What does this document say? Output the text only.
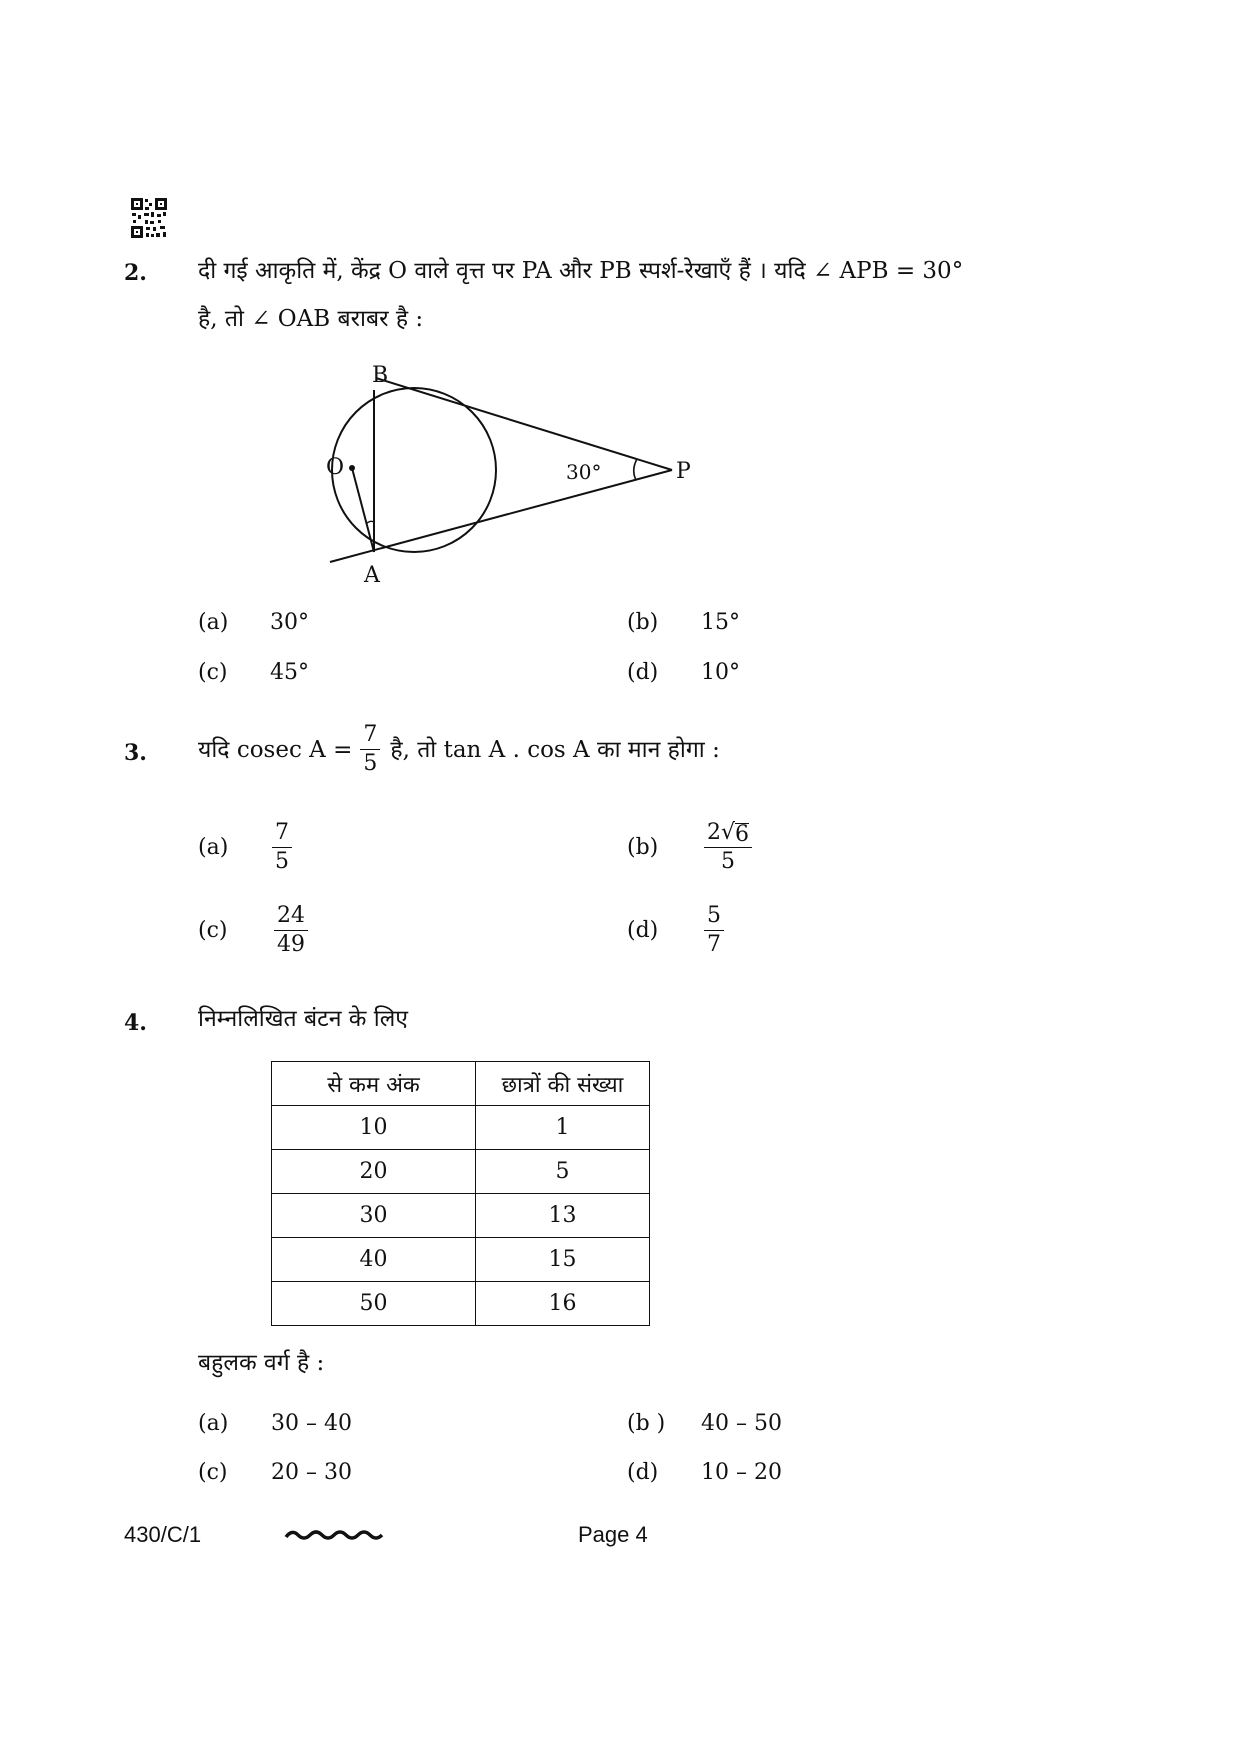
2. दी गई आकृति में, केंद्र O वाले वृत्त पर PA और PB स्पर्श-रेखाएँ हैं । यदि ∠ APB = 30°
है, तो ∠ OAB बराबर है :
B
O
A
P
30°
(a) 30°	(b) 15°
(c) 45°	(d) 10°
3. यदि cosec $A = \frac{7}{5}$ है, तो tan A . cos A का मान होगा :
$(a) \frac{7}{5}$	$(b) \frac{2 √ 6}{5}$
$(c) \frac{24}{49}$	$(d) \frac{5}{7}$
4. निम्नलिखित बंटन के लिए
से कम अंक	छात्रों की संख्या
10	1
20	5
30	13
40	15
50	16
बहुलक वर्ग है :
(a) 30 – 40	(b ) 40 – 50
(c) 20 – 30	(d) 10 – 20
430/C/1	Page 4
